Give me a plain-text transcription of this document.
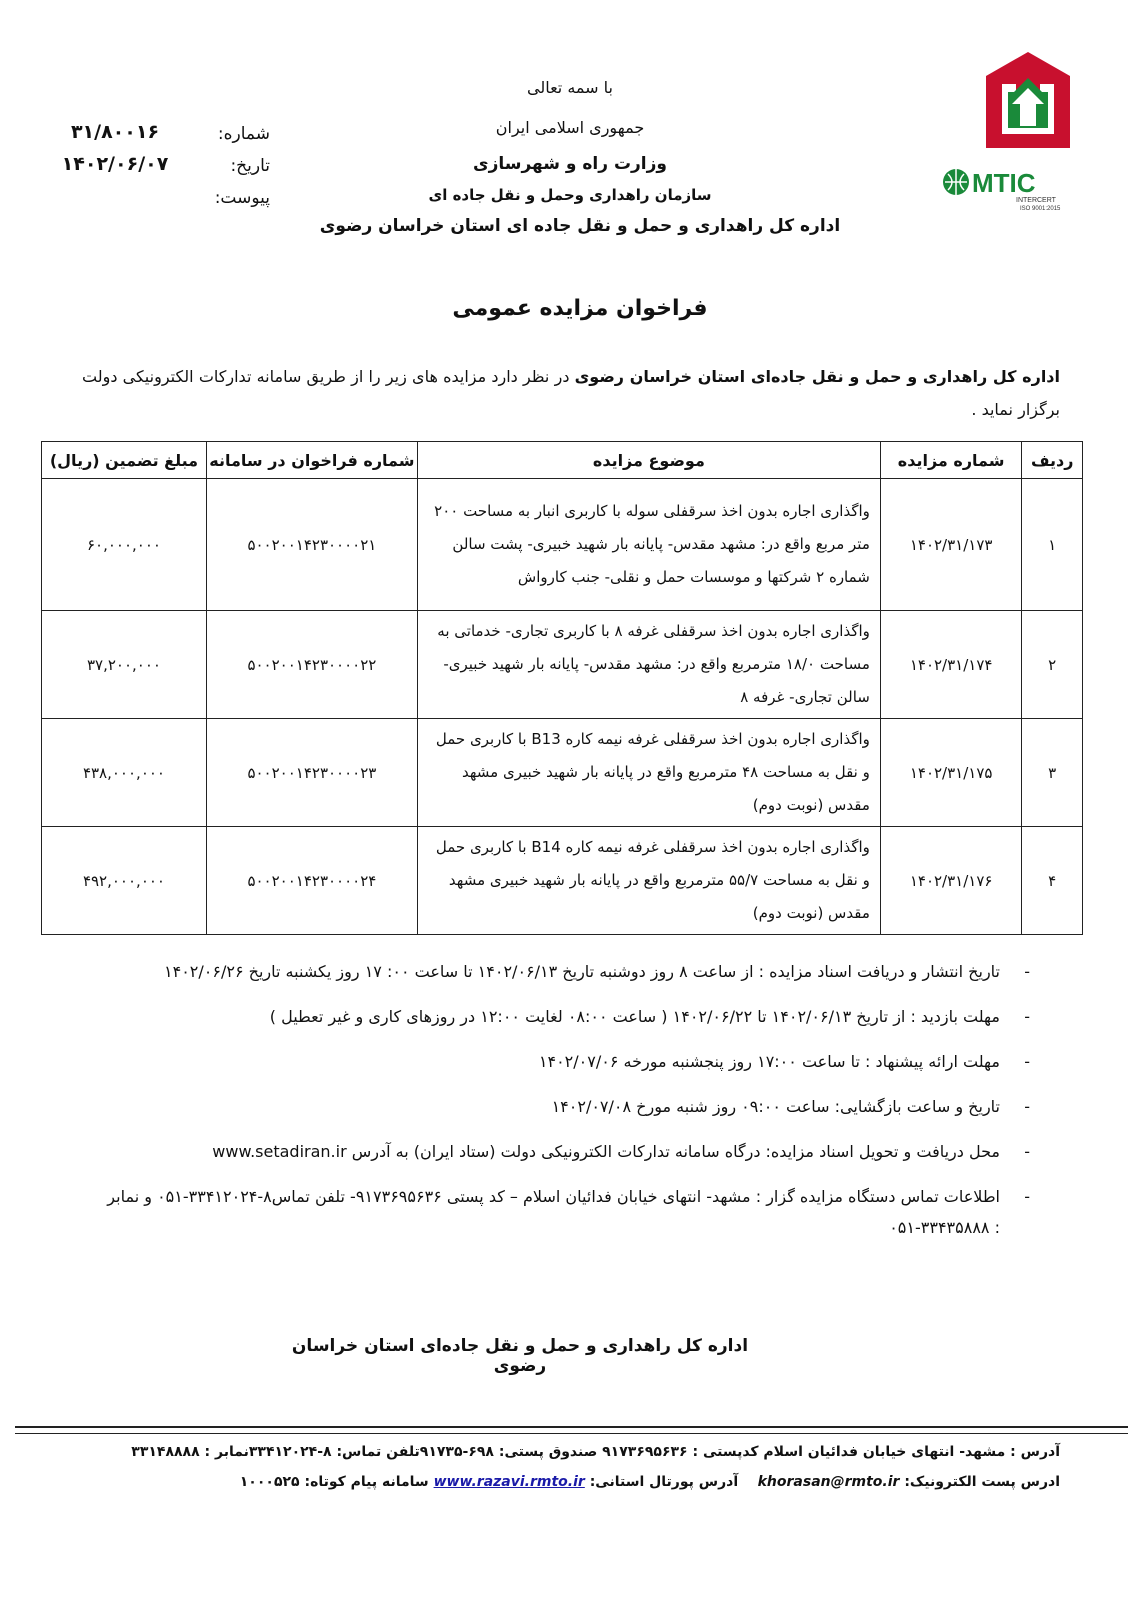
MTIC
INTERCERT
ISO 9001:2015
با سمه تعالی
جمهوری اسلامی ایران
وزارت راه و شهرسازی
سازمان راهداری وحمل و نقل جاده ای
اداره کل راهداری و حمل و نقل جاده ای استان خراسان رضوی
شماره:
۳۱/۸۰۰۱۶
تاریخ:
۱۴۰۲/۰۶/۰۷
پیوست:
فراخوان مزایده عمومی
اداره کل راهداری و حمل و نقل جاده‌ای استان خراسان رضوی در نظر دارد مزایده های زیر را از طریق سامانه تدارکات الکترونیکی دولت برگزار نماید .
ردیف	شماره مزایده	موضوع مزایده	شماره فراخوان در سامانه	مبلغ تضمین (ریال)
۱	۱۴۰۲/۳۱/۱۷۳	واگذاری اجاره بدون اخذ سرقفلی سوله با کاربری انبار به مساحت ۲۰۰ متر مربع واقع در: مشهد مقدس- پایانه بار شهید خبیری- پشت سالن شماره ۲ شرکتها و موسسات حمل و نقلی- جنب کارواش	۵۰۰۲۰۰۱۴۲۳۰۰۰۰۲۱	۶۰,۰۰۰,۰۰۰
۲	۱۴۰۲/۳۱/۱۷۴	واگذاری اجاره بدون اخذ سرقفلی غرفه ۸ با کاربری تجاری- خدماتی به مساحت ۱۸/۰ مترمربع واقع در: مشهد مقدس- پایانه بار شهید خبیری- سالن تجاری- غرفه ۸	۵۰۰۲۰۰۱۴۲۳۰۰۰۰۲۲	۳۷,۲۰۰,۰۰۰
۳	۱۴۰۲/۳۱/۱۷۵	واگذاری اجاره بدون اخذ سرقفلی غرفه نیمه کاره B13 با کاربری حمل و نقل به مساحت ۴۸ مترمربع واقع در پایانه بار شهید خبیری مشهد مقدس (نوبت دوم)	۵۰۰۲۰۰۱۴۲۳۰۰۰۰۲۳	۴۳۸,۰۰۰,۰۰۰
۴	۱۴۰۲/۳۱/۱۷۶	واگذاری اجاره بدون اخذ سرقفلی غرفه نیمه کاره B14 با کاربری حمل و نقل به مساحت ۵۵/۷ مترمربع واقع در پایانه بار شهید خبیری مشهد مقدس (نوبت دوم)	۵۰۰۲۰۰۱۴۲۳۰۰۰۰۲۴	۴۹۲,۰۰۰,۰۰۰
-
تاریخ انتشار و دریافت اسناد مزایده : از ساعت ۸ روز دوشنبه تاریخ ۱۴۰۲/۰۶/۱۳ تا ساعت ۰۰: ۱۷ روز یکشنبه تاریخ ۱۴۰۲/۰۶/۲۶
-
مهلت بازدید : از تاریخ ۱۴۰۲/۰۶/۱۳ تا ۱۴۰۲/۰۶/۲۲ ( ساعت ۰۸:۰۰ لغایت ۱۲:۰۰ در روزهای کاری و غیر تعطیل )
-
مهلت ارائه پیشنهاد : تا ساعت ۱۷:۰۰ روز پنجشنبه مورخه ۱۴۰۲/۰۷/۰۶
-
تاریخ و ساعت بازگشایی: ساعت ۰۹:۰۰ روز شنبه مورخ ۱۴۰۲/۰۷/۰۸
-
محل دریافت و تحویل اسناد مزایده: درگاه سامانه تدارکات الکترونیکی دولت (ستاد ایران) به آدرس www.setadiran.ir
-
اطلاعات تماس دستگاه مزایده گزار : مشهد- انتهای خیابان فدائیان اسلام – کد پستی ۹۱۷۳۶۹۵۶۳۶- تلفن تماس۸-۳۳۴۱۲۰۲۴-۰۵۱ و نمابر : ۳۳۴۳۵۸۸۸-۰۵۱
اداره کل راهداری و حمل و نقل جاده‌ای استان خراسان رضوی
آدرس : مشهد- انتهای خیابان فدائیان اسلام کدپستی : ۹۱۷۳۶۹۵۶۳۶ صندوق پستی: ۶۹۸-۹۱۷۳۵تلفن تماس: ۸-۳۳۴۱۲۰۲۴نمابر : ۳۳۱۴۸۸۸۸
ادرس پست الکترونیک: khorasan@rmto.ir    آدرس پورتال استانی: www.razavi.rmto.ir سامانه پیام کوتاه: ۱۰۰۰۵۲۵
